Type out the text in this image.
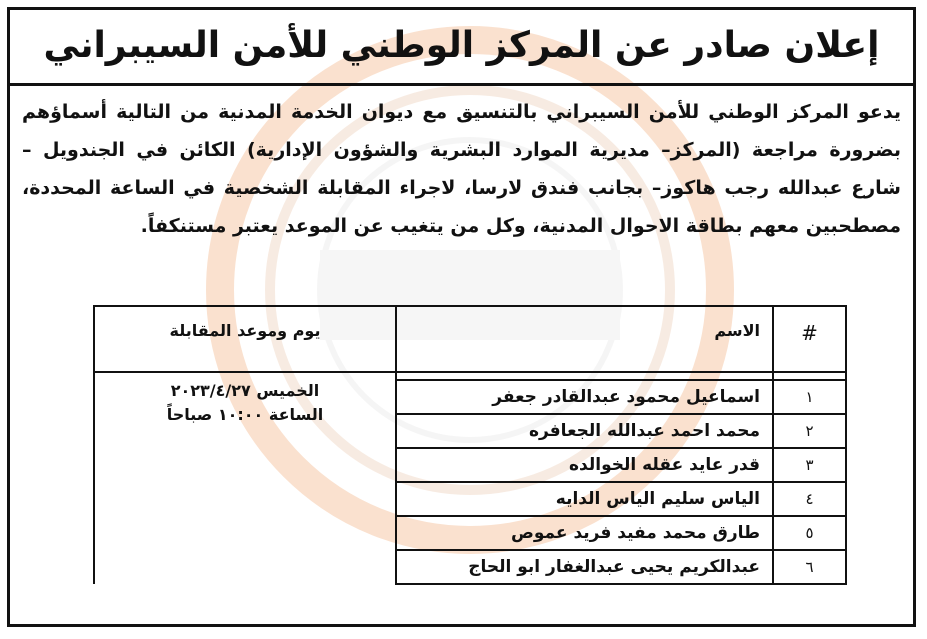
إعلان صادر عن المركز الوطني للأمن السيبراني
يدعو المركز الوطني للأمن السيبراني بالتنسيق مع ديوان الخدمة المدنية من التالية أسماؤهم بضرورة مراجعة (المركز– مديرية الموارد البشرية والشؤون الإدارية) الكائن في الجندويل – شارع عبدالله رجب هاكوز– بجانب فندق لارسا، لاجراء المقابلة الشخصية في الساعة المحددة، مصطحبين معهم بطاقة الاحوال المدنية، وكل من يتغيب عن الموعد يعتبر مستنكفاً.
#	الاسم	يوم وموعد المقابلة

		الخميس ٢٠٢٣/٤/٢٧
الساعة ١٠:٠٠ صباحاً

١	اسماعيل محمود عبدالقادر جعفر	
٢	محمد احمد عبدالله الجعافره	
٣	قدر عايد عقله الخوالده	
٤	الياس سليم الياس الدايه	
٥	طارق محمد مفيد فريد عموص	
٦	عبدالكريم يحيى عبدالغفار ابو الحاج	
